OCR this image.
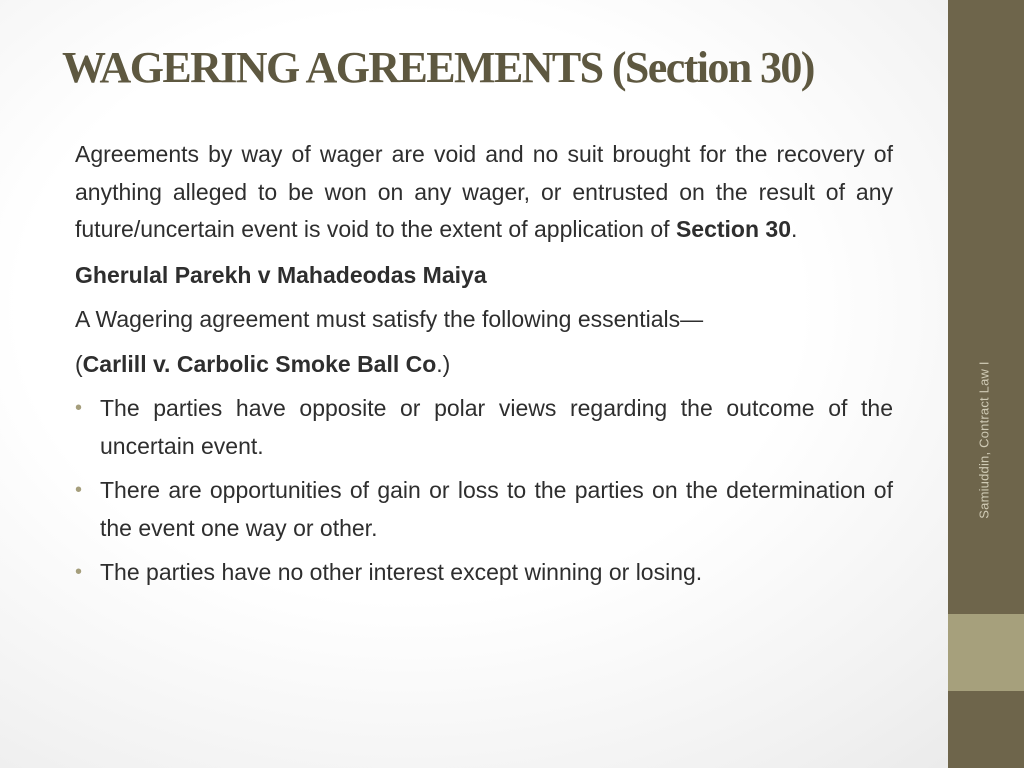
WAGERING AGREEMENTS (Section 30)

Agreements by way of wager are void and no suit brought for the recovery of anything alleged to be won on any wager, or entrusted on the result of any future/uncertain event is void to the extent of application of Section 30.

Gherulal Parekh v Mahadeodas Maiya

A Wagering agreement must satisfy the following essentials—

(Carlill v. Carbolic Smoke Ball Co.)

• The parties have opposite or polar views regarding the outcome of the uncertain event.
• There are opportunities of gain or loss to the parties on the determination of the event one way or other.
• The parties have no other interest except winning or losing.
Samiuddin, Contract Law I
